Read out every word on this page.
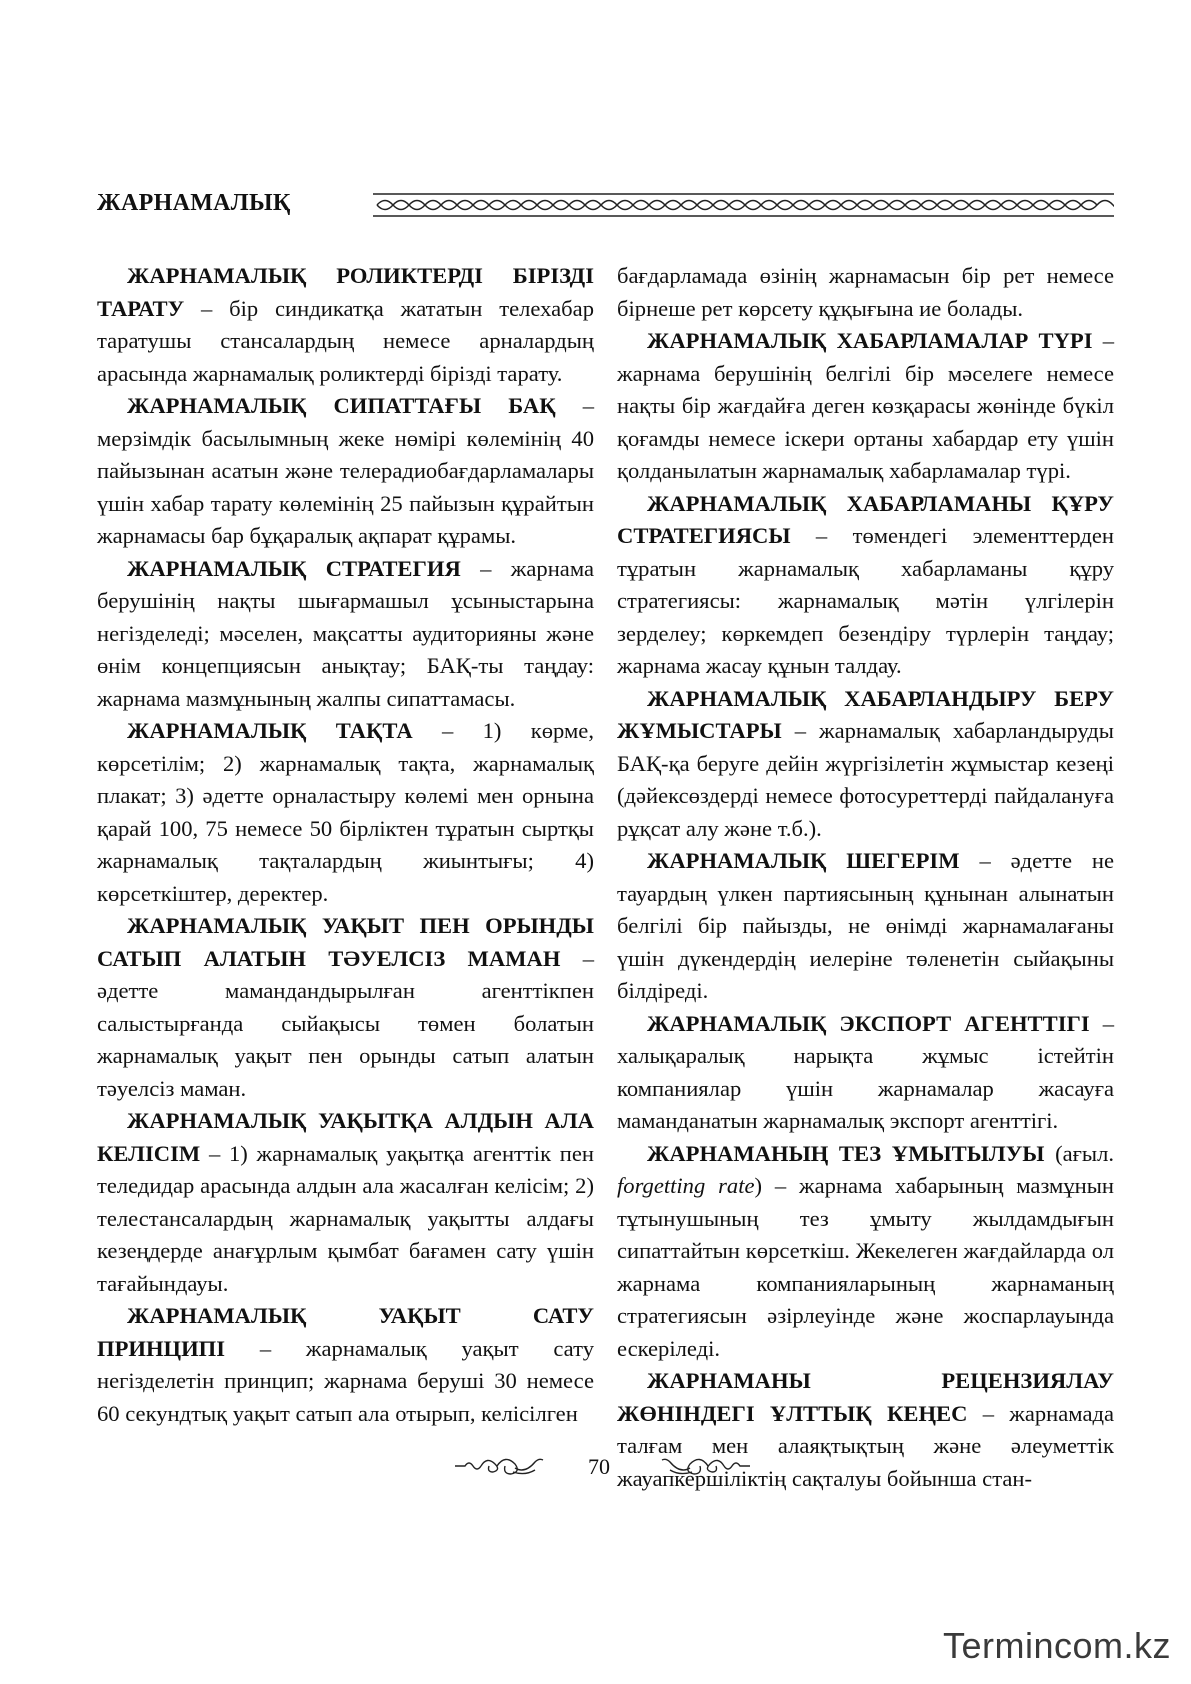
ЖАРНАМАЛЫҚ

ЖАРНАМАЛЫҚ РОЛИКТЕРДІ БІРІЗДІ ТАРАТУ – бір синдикатқа жататын телехабар таратушы стансалардың немесе арналардың арасында жарнамалық роликтерді бірізді тарату.

ЖАРНАМАЛЫҚ СИПАТТАҒЫ БАҚ – мерзімдік басылымның жеке нөмірі көлемінің 40 пайызынан асатын және телерадиобағдарламалары үшін хабар тарату көлемінің 25 пайызын құрайтын жарнамасы бар бұқаралық ақпарат құрамы.

ЖАРНАМАЛЫҚ СТРАТЕГИЯ – жарнама берушінің нақты шығармашыл ұсыныстарына негізделеді; мәселен, мақсатты аудиторияны және өнім концепциясын анықтау; БАҚ-ты таңдау: жарнама мазмұнының жалпы сипаттамасы.

ЖАРНАМАЛЫҚ ТАҚТА – 1) көрме, көрсетілім; 2) жарнамалық тақта, жарнамалық плакат; 3) әдетте орналастыру көлемі мен орнына қарай 100, 75 немесе 50 бірліктен тұратын сыртқы жарнамалық тақталардың жиынтығы; 4) көрсеткіштер, деректер.

ЖАРНАМАЛЫҚ УАҚЫТ ПЕН ОРЫНДЫ САТЫП АЛАТЫН ТӘУЕЛСІЗ МАМАН – әдетте мамандандырылған агенттікпен салыстырғанда сыйақысы төмен болатын жарнамалық уақыт пен орынды сатып алатын тәуелсіз маман.

ЖАРНАМАЛЫҚ УАҚЫТҚА АЛДЫН АЛА КЕЛІСІМ – 1) жарнамалық уақытқа агенттік пен теледидар арасында алдын ала жасалған келісім; 2) телестансалардың жарнамалық уақытты алдағы кезеңдерде анағұрлым қымбат бағамен сату үшін тағайындауы.

ЖАРНАМАЛЫҚ УАҚЫТ САТУ ПРИНЦИПІ – жарнамалық уақыт сату негізделетін принцип; жарнама беруші 30 немесе 60 секундтық уақыт сатып ала отырып, келісілген

бағдарламада өзінің жарнамасын бір рет немесе бірнеше рет көрсету құқығына ие болады.

ЖАРНАМАЛЫҚ ХАБАРЛАМАЛАР ТҮРІ – жарнама берушінің белгілі бір мәселеге немесе нақты бір жағдайға деген көзқарасы жөнінде бүкіл қоғамды немесе іскери ортаны хабардар ету үшін қолданылатын жарнамалық хабарламалар түрі.

ЖАРНАМАЛЫҚ ХАБАРЛАМАНЫ ҚҰРУ СТРАТЕГИЯСЫ – төмендегі элементтерден тұратын жарнамалық хабарламаны құру стратегиясы: жарнамалық мәтін үлгілерін зерделеу; көркемдеп безендіру түрлерін таңдау; жарнама жасау құнын талдау.

ЖАРНАМАЛЫҚ ХАБАРЛАНДЫРУ БЕРУ ЖҰМЫСТАРЫ – жарнамалық хабарландыруды БАҚ-қа беруге дейін жүргізілетін жұмыстар кезеңі (дәйексөздерді немесе фотосуреттерді пайдалануға рұқсат алу және т.б.).

ЖАРНАМАЛЫҚ ШЕГЕРІМ – әдетте не тауардың үлкен партиясының құнынан алынатын белгілі бір пайызды, не өнімді жарнамалағаны үшін дүкендердің иелеріне төленетін сыйақыны білдіреді.

ЖАРНАМАЛЫҚ ЭКСПОРТ АГЕНТТІГІ – халықаралық нарықта жұмыс істейтін компаниялар үшін жарнамалар жасауға маманданатын жарнамалық экспорт агенттігі.

ЖАРНАМАНЫҢ ТЕЗ ҰМЫТЫЛУЫ (ағыл. forgetting rate) – жарнама хабарының мазмұнын тұтынушының тез ұмыту жылдамдығын сипаттайтын көрсеткіш. Жекелеген жағдайларда ол жарнама компанияларының жарнаманың стратегиясын әзірлеуінде және жоспарлауында ескеріледі.

ЖАРНАМАНЫ РЕЦЕНЗИЯЛАУ ЖӨНІНДЕГІ ҰЛТТЫҚ КЕҢЕС – жарнамада талғам мен алаяқтықтың және әлеуметтік жауапкершіліктің сақталуы бойынша стан-

70
Termincom.kz
